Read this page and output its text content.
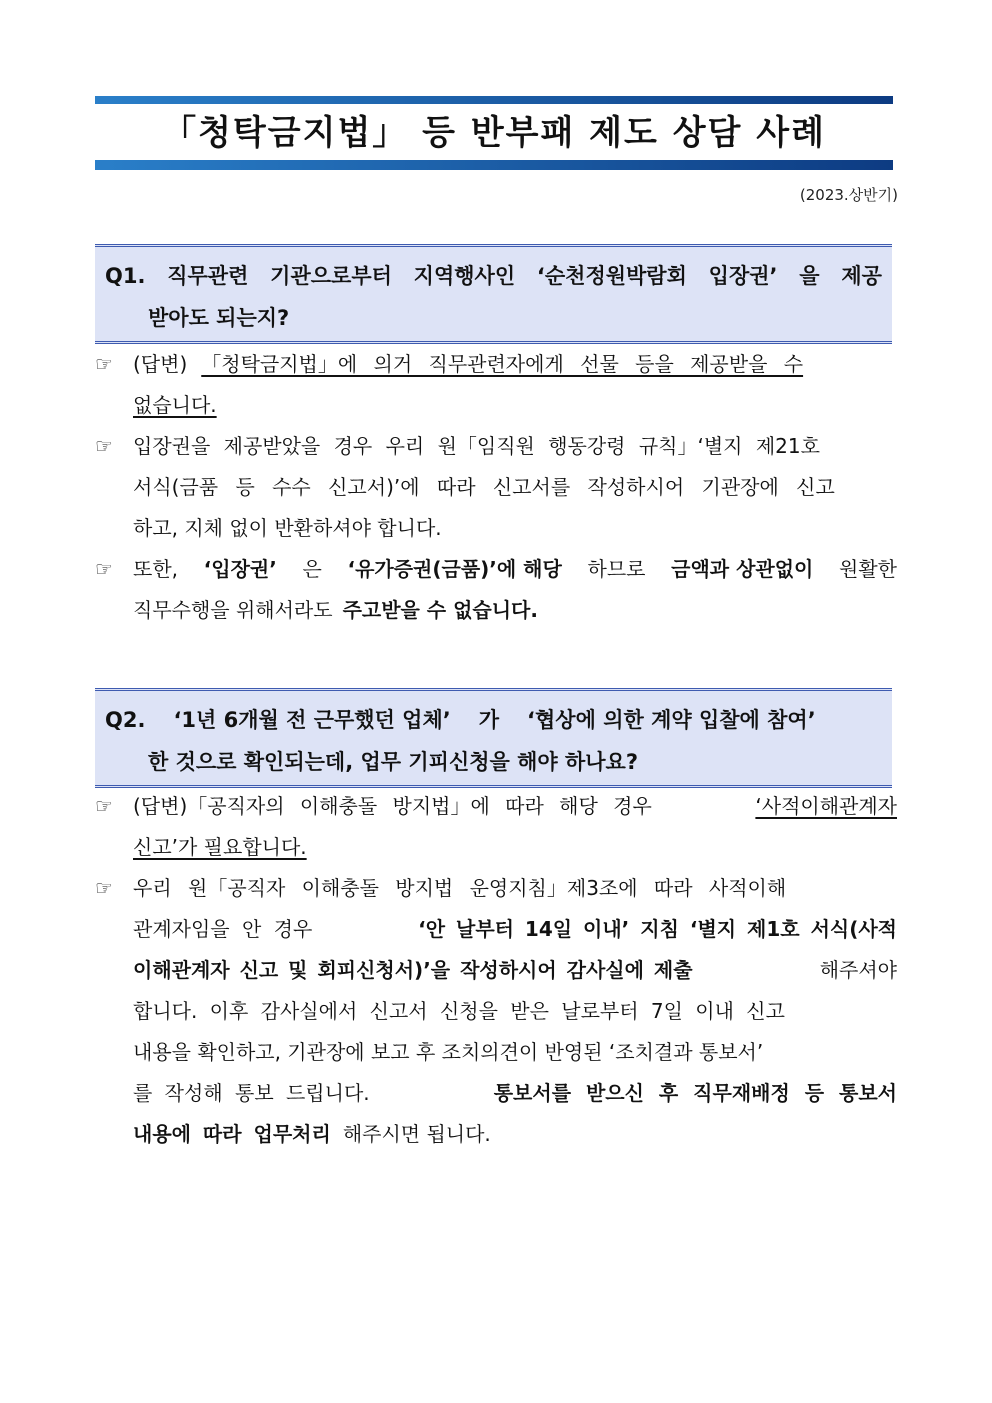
「청탁금지법」 등 반부패 제도 상담 사례
(2023.상반기)
Q1. 직무관련 기관으로부터 지역행사인 ‘순천정원박람회 입장권’ 을 제공
받아도 되는지?
☞	(답변) 「청탁금지법」에 의거 직무관련자에게 선물 등을 제공받을 수
없습니다.
☞	입장권을 제공받았을 경우 우리 원「임직원 행동강령 규칙」‘별지 제21호
서식(금품 등 수수 신고서)’에 따라 신고서를 작성하시어 기관장에 신고
하고, 지체 없이 반환하셔야 합니다.
☞	또한, ‘입장권’ 은 ‘유가증권(금품)’에 해당 하므로 금액과 상관없이 원활한
직무수행을 위해서라도 주고받을 수 없습니다.
Q2. ‘1년 6개월 전 근무했던 업체’ 가 ‘협상에 의한 계약 입찰에 참여’
한 것으로 확인되는데, 업무 기피신청을 해야 하나요?
☞	(답변)「공직자의 이해충돌 방지법」에 따라 해당 경우	‘사적이해관계자
신고’가 필요합니다.
☞	우리 원「공직자 이해충돌 방지법 운영지침」제3조에 따라 사적이해
관계자임을 안 경우	‘안 날부터 14일 이내’ 지침 ‘별지 제1호 서식(사적
이해관계자 신고 및 회피신청서)’을 작성하시어 감사실에 제출	해주셔야
합니다. 이후 감사실에서 신고서 신청을 받은 날로부터 7일 이내 신고
내용을 확인하고, 기관장에 보고 후 조치의견이 반영된 ‘조치결과 통보서’
를 작성해 통보 드립니다.	통보서를 받으신 후 직무재배정 등 통보서
내용에 따라 업무처리 해주시면 됩니다.
